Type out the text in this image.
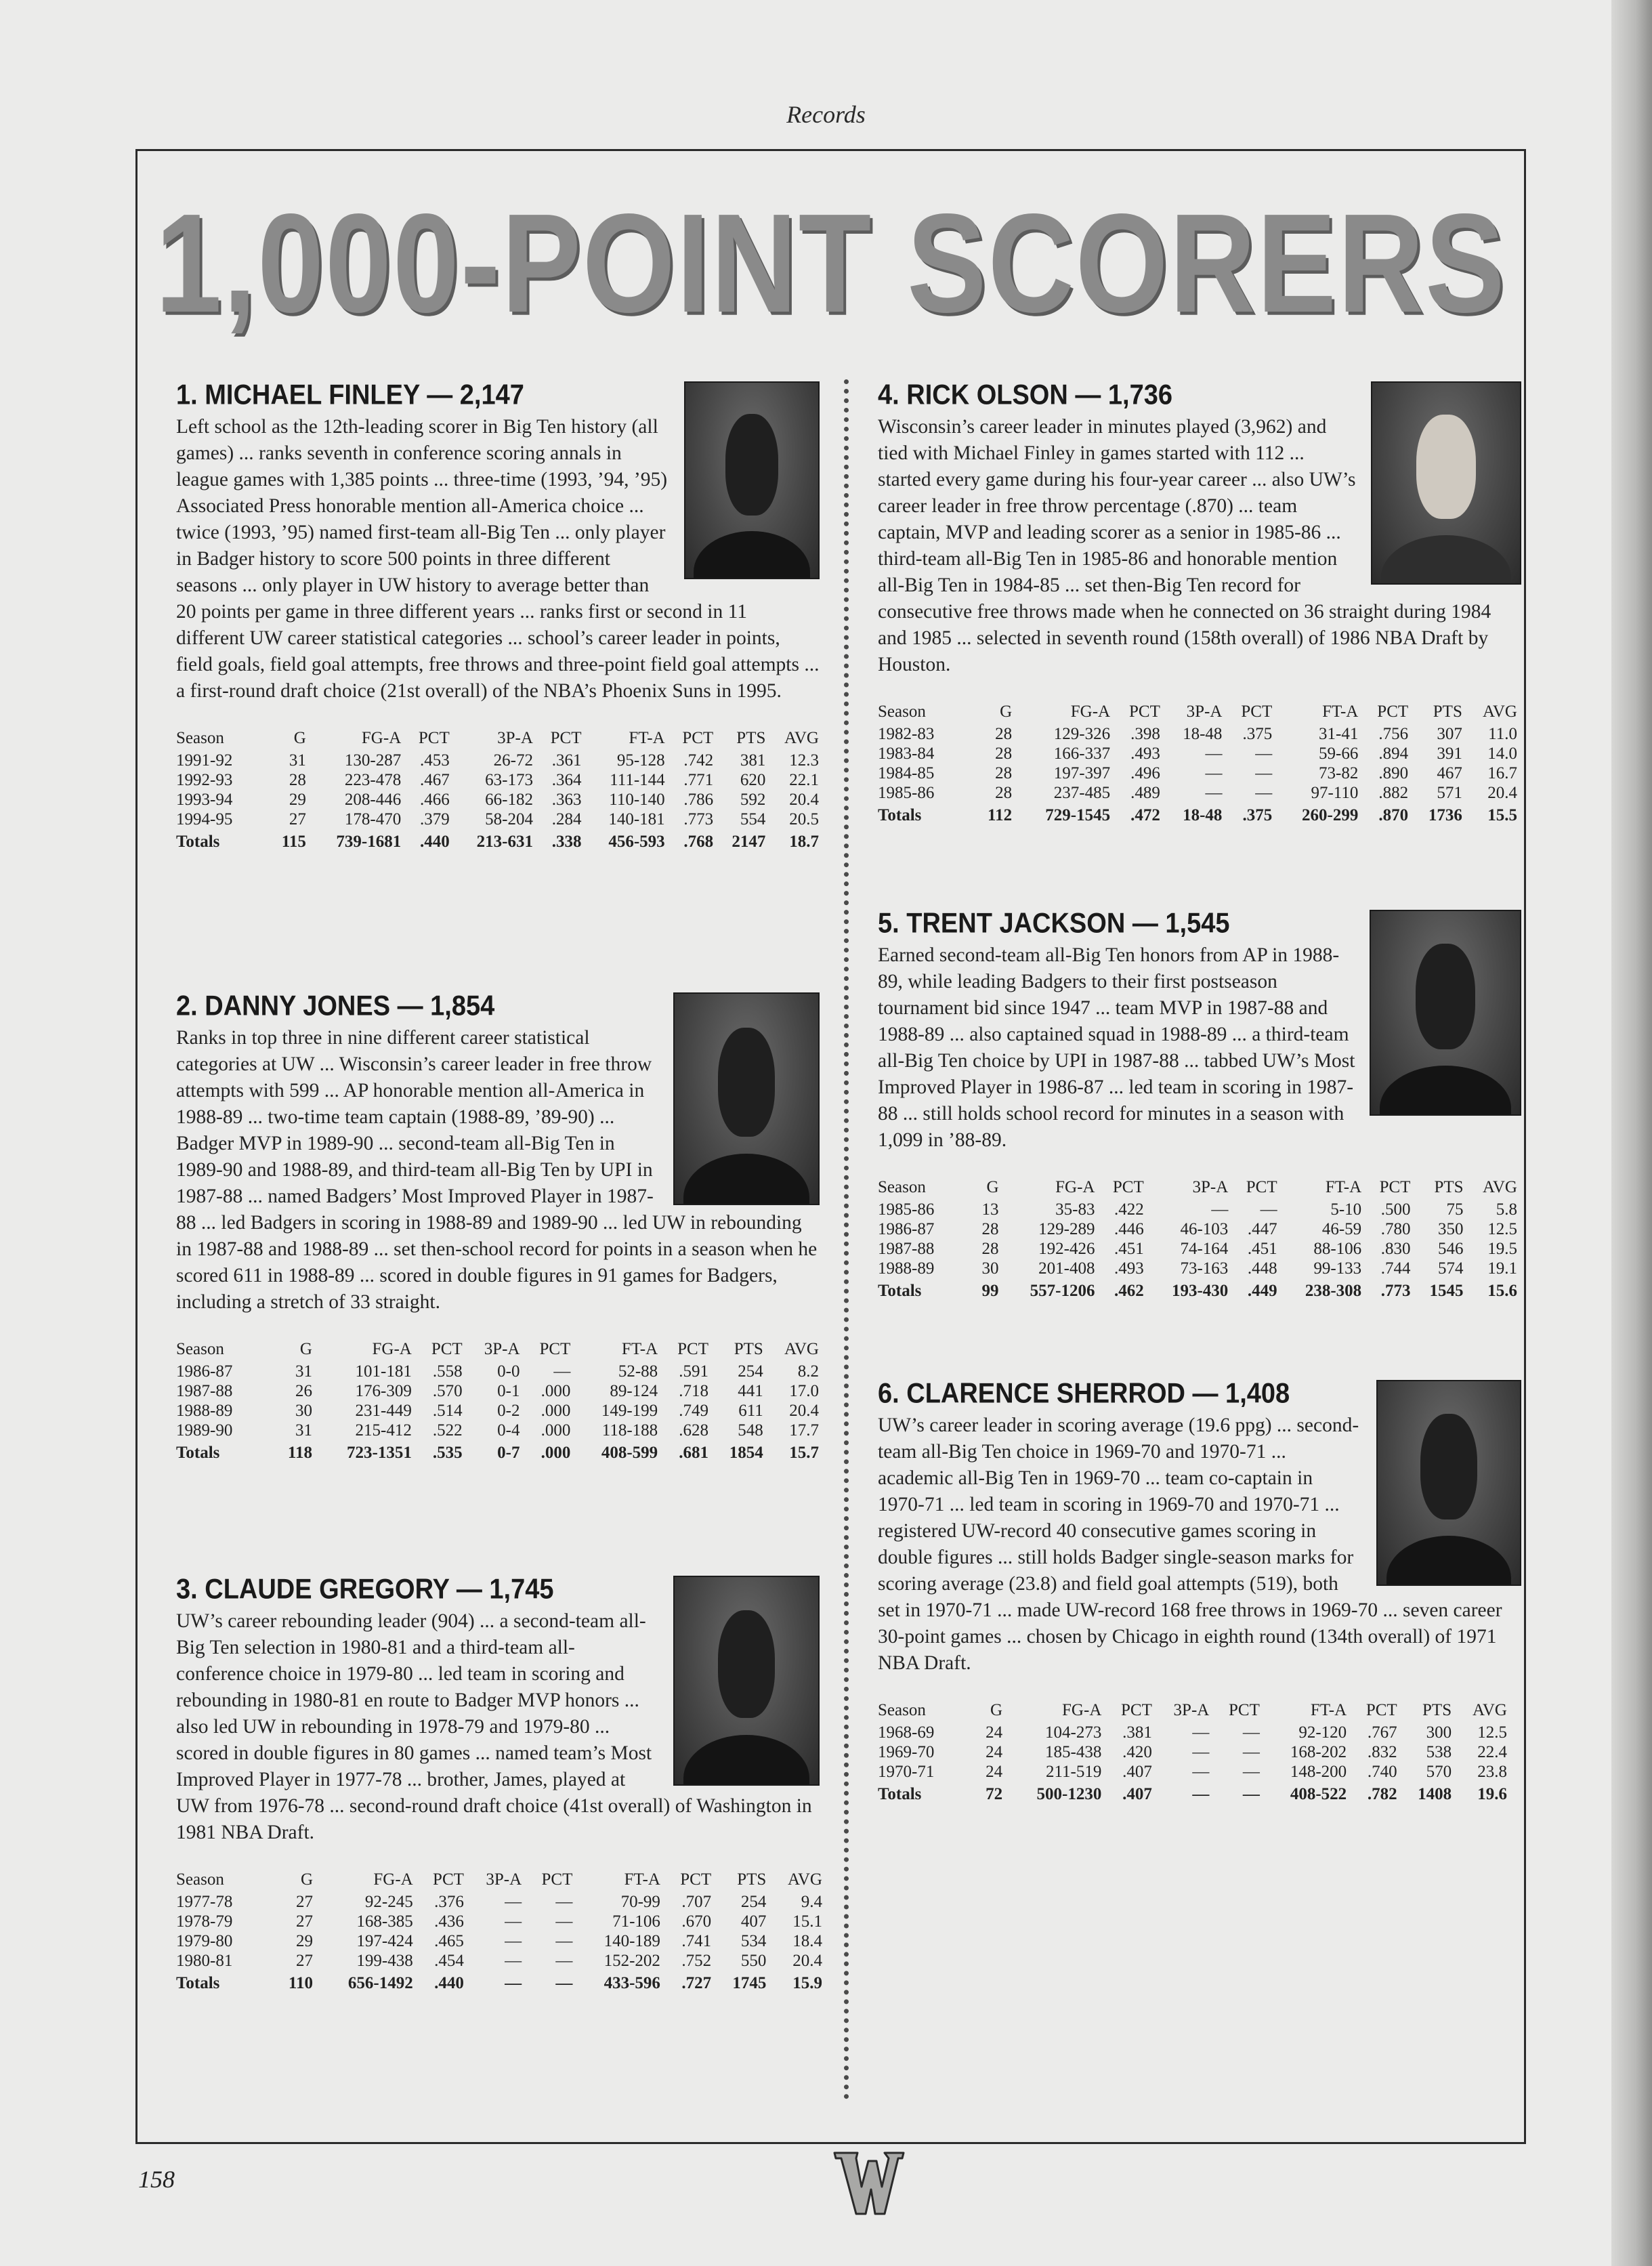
Records
1,000-POINT SCORERS
1. MICHAEL FINLEY — 2,147

Left school as the 12th-leading scorer in Big Ten history (all games) ... ranks seventh in conference scoring annals in league games with 1,385 points ... three-time (1993, ’94, ’95) Associated Press honorable mention all-America choice ... twice (1993, ’95) named first-team all-Big Ten ... only player in Badger history to score 500 points in three different seasons ... only player in UW history to average better than 20 points per game in three different years ... ranks first or second in 11 different UW career statistical categories ... school’s career leader in points, field goals, field goal attempts, free throws and three-point field goal attempts ... a first-round draft choice (21st overall) of the NBA’s Phoenix Suns in 1995.

Season	G	FG-A	PCT	3P-A	PCT	FT-A	PCT	PTS	AVG
1991-92	31	130-287	.453	26-72	.361	95-128	.742	381	12.3
1992-93	28	223-478	.467	63-173	.364	111-144	.771	620	22.1
1993-94	29	208-446	.466	66-182	.363	110-140	.786	592	20.4
1994-95	27	178-470	.379	58-204	.284	140-181	.773	554	20.5
Totals	115	739-1681	.440	213-631	.338	456-593	.768	2147	18.7
2. DANNY JONES — 1,854

Ranks in top three in nine different career statistical categories at UW ... Wisconsin’s career leader in free throw attempts with 599 ... AP honorable mention all-America in 1988-89 ... two-time team captain (1988-89, ’89-90) ... Badger MVP in 1989-90 ... second-team all-Big Ten in 1989-90 and 1988-89, and third-team all-Big Ten by UPI in 1987-88 ... named Badgers’ Most Improved Player in 1987-88 ... led Badgers in scoring in 1988-89 and 1989-90 ... led UW in rebounding in 1987-88 and 1988-89 ... set then-school record for points in a season when he scored 611 in 1988-89 ... scored in double figures in 91 games for Badgers, including a stretch of 33 straight.

Season	G	FG-A	PCT	3P-A	PCT	FT-A	PCT	PTS	AVG
1986-87	31	101-181	.558	0-0	—	52-88	.591	254	8.2
1987-88	26	176-309	.570	0-1	.000	89-124	.718	441	17.0
1988-89	30	231-449	.514	0-2	.000	149-199	.749	611	20.4
1989-90	31	215-412	.522	0-4	.000	118-188	.628	548	17.7
Totals	118	723-1351	.535	0-7	.000	408-599	.681	1854	15.7
3. CLAUDE GREGORY — 1,745

UW’s career rebounding leader (904) ... a second-team all-Big Ten selection in 1980-81 and a third-team all-conference choice in 1979-80 ... led team in scoring and rebounding in 1980-81 en route to Badger MVP honors ... also led UW in rebounding in 1978-79 and 1979-80 ... scored in double figures in 80 games ... named team’s Most Improved Player in 1977-78 ... brother, James, played at UW from 1976-78 ... second-round draft choice (41st overall) of Washington in 1981 NBA Draft.

Season	G	FG-A	PCT	3P-A	PCT	FT-A	PCT	PTS	AVG
1977-78	27	92-245	.376	—	—	70-99	.707	254	9.4
1978-79	27	168-385	.436	—	—	71-106	.670	407	15.1
1979-80	29	197-424	.465	—	—	140-189	.741	534	18.4
1980-81	27	199-438	.454	—	—	152-202	.752	550	20.4
Totals	110	656-1492	.440	—	—	433-596	.727	1745	15.9
4. RICK OLSON — 1,736

Wisconsin’s career leader in minutes played (3,962) and tied with Michael Finley in games started with 112 ... started every game during his four-year career ... also UW’s career leader in free throw percentage (.870) ... team captain, MVP and leading scorer as a senior in 1985-86 ... third-team all-Big Ten in 1985-86 and honorable mention all-Big Ten in 1984-85 ... set then-Big Ten record for consecutive free throws made when he connected on 36 straight during 1984 and 1985 ... selected in seventh round (158th overall) of 1986 NBA Draft by Houston.

Season	G	FG-A	PCT	3P-A	PCT	FT-A	PCT	PTS	AVG
1982-83	28	129-326	.398	18-48	.375	31-41	.756	307	11.0
1983-84	28	166-337	.493	—	—	59-66	.894	391	14.0
1984-85	28	197-397	.496	—	—	73-82	.890	467	16.7
1985-86	28	237-485	.489	—	—	97-110	.882	571	20.4
Totals	112	729-1545	.472	18-48	.375	260-299	.870	1736	15.5
5. TRENT JACKSON — 1,545

Earned second-team all-Big Ten honors from AP in 1988-89, while leading Badgers to their first postseason tournament bid since 1947 ... team MVP in 1987-88 and 1988-89 ... also captained squad in 1988-89 ... a third-team all-Big Ten choice by UPI in 1987-88 ... tabbed UW’s Most Improved Player in 1986-87 ... led team in scoring in 1987-88 ... still holds school record for minutes in a season with 1,099 in ’88-89.

Season	G	FG-A	PCT	3P-A	PCT	FT-A	PCT	PTS	AVG
1985-86	13	35-83	.422	—	—	5-10	.500	75	5.8
1986-87	28	129-289	.446	46-103	.447	46-59	.780	350	12.5
1987-88	28	192-426	.451	74-164	.451	88-106	.830	546	19.5
1988-89	30	201-408	.493	73-163	.448	99-133	.744	574	19.1
Totals	99	557-1206	.462	193-430	.449	238-308	.773	1545	15.6
6. CLARENCE SHERROD — 1,408

UW’s career leader in scoring average (19.6 ppg) ... second-team all-Big Ten choice in 1969-70 and 1970-71 ... academic all-Big Ten in 1969-70 ... team co-captain in 1970-71 ... led team in scoring in 1969-70 and 1970-71 ... registered UW-record 40 consecutive games scoring in double figures ... still holds Badger single-season marks for scoring average (23.8) and field goal attempts (519), both set in 1970-71 ... made UW-record 168 free throws in 1969-70 ... seven career 30-point games ... chosen by Chicago in eighth round (134th overall) of 1971 NBA Draft.

Season	G	FG-A	PCT	3P-A	PCT	FT-A	PCT	PTS	AVG
1968-69	24	104-273	.381	—	—	92-120	.767	300	12.5
1969-70	24	185-438	.420	—	—	168-202	.832	538	22.4
1970-71	24	211-519	.407	—	—	148-200	.740	570	23.8
Totals	72	500-1230	.407	—	—	408-522	.782	1408	19.6
158
